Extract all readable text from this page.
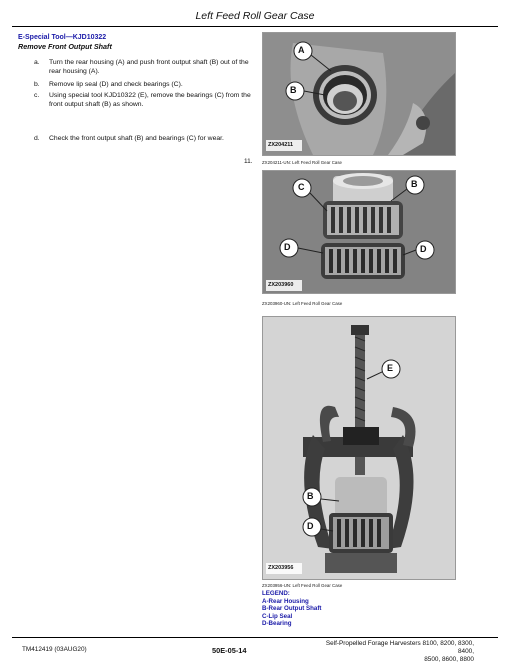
Left Feed Roll Gear Case
E-Special Tool—KJD10322
Remove Front Output Shaft
a. Turn the rear housing (A) and push front output shaft (B) out of the rear housing (A).
b. Remove lip seal (D) and check bearings (C).
c. Using special tool KJD10322 (E), remove the bearings (C) from the front output shaft (B) as shown.
d. Check the front output shaft (B) and bearings (C) for wear.
A
B
ZX204211
11. ZX204211-UN: Left Feed Roll Gear Case
C	B
D	D
ZX203960
ZX203960-UN: Left Feed Roll Gear Case
E
B
D
ZX203956
ZX203956-UN: Left Feed Roll Gear Case
LEGEND:
A-Rear Housing
B-Rear Output Shaft
C-Lip Seal
D-Bearing
TM412419 (03AUG20)	50E-05-14
Self-Propelled Forage Harvesters 8100, 8200, 8300, 8400,
8500, 8600, 8800
